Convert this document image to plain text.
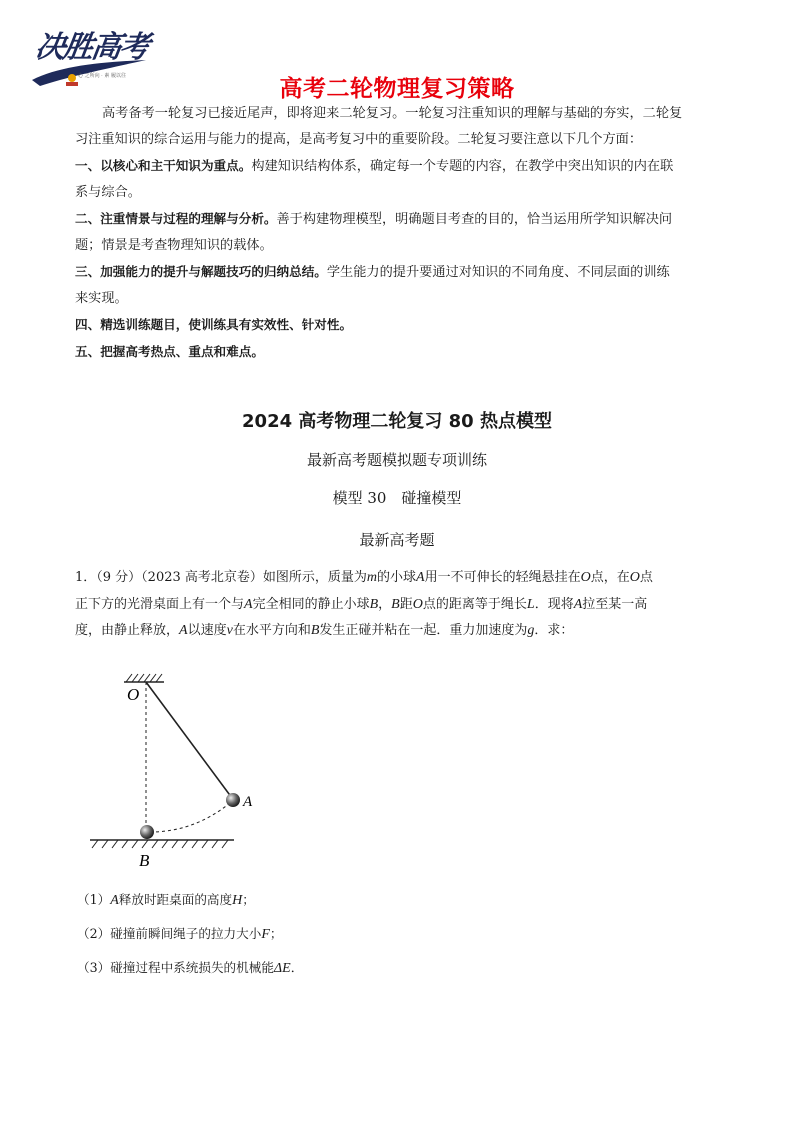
决胜高考
心 之所向 · 素 履以往	高考二轮物理复习策略
高考备考一轮复习已接近尾声，即将迎来二轮复习。一轮复习注重知识的理解与基础的夯实，二轮复
习注重知识的综合运用与能力的提高，是高考复习中的重要阶段。二轮复习要注意以下几个方面：
一、以核心和主干知识为重点。构建知识结构体系，确定每一个专题的内容，在教学中突出知识的内在联
系与综合。
二、注重情景与过程的理解与分析。善于构建物理模型，明确题目考查的目的，恰当运用所学知识解决问
题；情景是考查物理知识的载体。
三、加强能力的提升与解题技巧的归纳总结。学生能力的提升要通过对知识的不同角度、不同层面的训练
来实现。
四、精选训练题目，使训练具有实效性、针对性。
五、把握高考热点、重点和难点。
2024 高考物理二轮复习 80 热点模型
最新高考题模拟题专项训练
模型 30　碰撞模型
最新高考题
1．（9 分）（2023 高考北京卷）如图所示，质量为m的小球A用一不可伸长的轻绳悬挂在O点，在O点
正下方的光滑桌面上有一个与A完全相同的静止小球B，B距O点的距离等于绳长L．现将A拉至某一高
度，由静止释放，A以速度v在水平方向和B发生正碰并粘在一起．重力加速度为g．求：
O
A
B
（1）A释放时距桌面的高度H；
（2）碰撞前瞬间绳子的拉力大小F；
（3）碰撞过程中系统损失的机械能ΔE．
